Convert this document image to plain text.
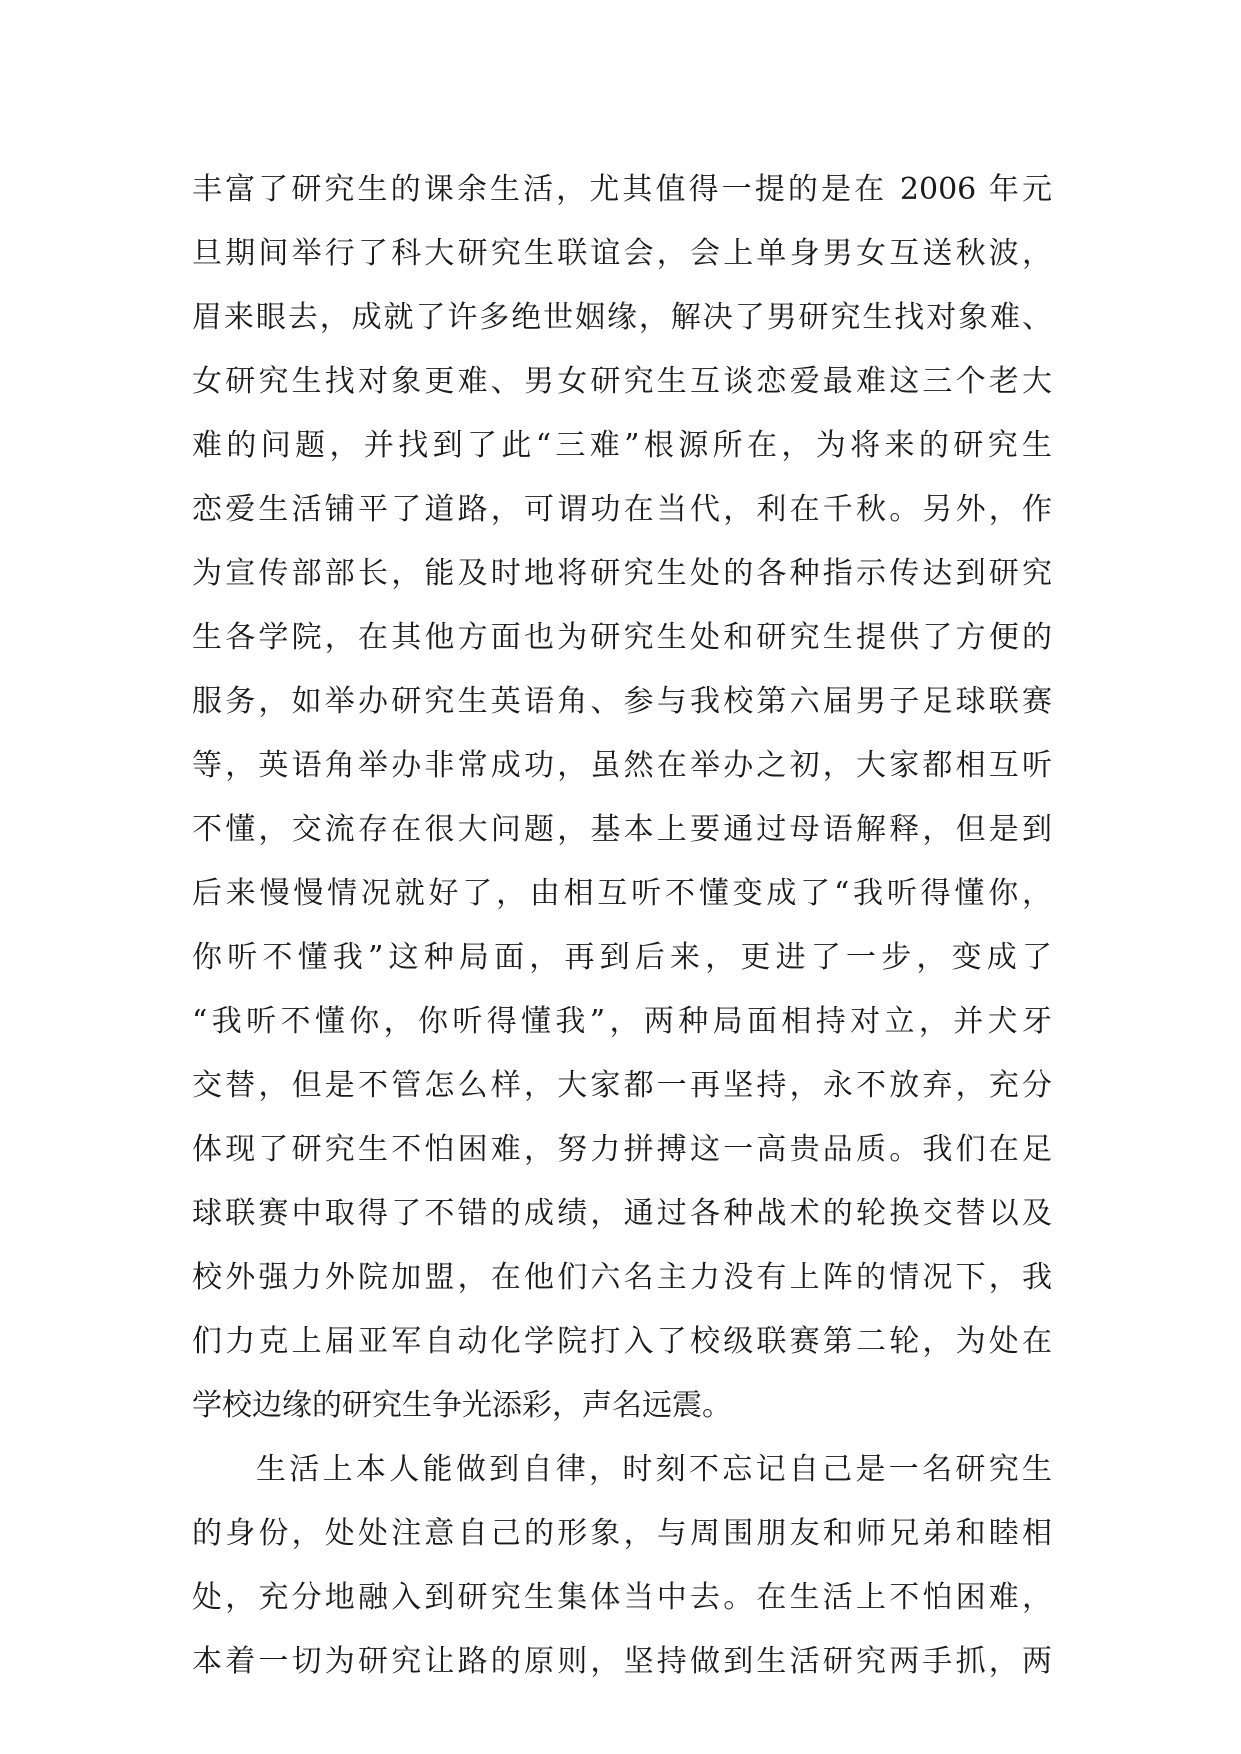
丰富了研究生的课余生活，尤其值得一提的是在 2006 年元
旦期间举行了科大研究生联谊会，会上单身男女互送秋波，
眉来眼去，成就了许多绝世姻缘，解决了男研究生找对象难、
女研究生找对象更难、男女研究生互谈恋爱最难这三个老大
难的问题，并找到了此“三难”根源所在，为将来的研究生
恋爱生活铺平了道路，可谓功在当代，利在千秋。另外，作
为宣传部部长，能及时地将研究生处的各种指示传达到研究
生各学院，在其他方面也为研究生处和研究生提供了方便的
服务，如举办研究生英语角、参与我校第六届男子足球联赛
等，英语角举办非常成功，虽然在举办之初，大家都相互听
不懂，交流存在很大问题，基本上要通过母语解释，但是到
后来慢慢情况就好了，由相互听不懂变成了“我听得懂你，
你听不懂我”这种局面，再到后来，更进了一步，变成了
“我听不懂你，你听得懂我”，两种局面相持对立，并犬牙
交替，但是不管怎么样，大家都一再坚持，永不放弃，充分
体现了研究生不怕困难，努力拼搏这一高贵品质。我们在足
球联赛中取得了不错的成绩，通过各种战术的轮换交替以及
校外强力外院加盟，在他们六名主力没有上阵的情况下，我
们力克上届亚军自动化学院打入了校级联赛第二轮，为处在
学校边缘的研究生争光添彩，声名远震。
生活上本人能做到自律，时刻不忘记自己是一名研究生
的身份，处处注意自己的形象，与周围朋友和师兄弟和睦相
处，充分地融入到研究生集体当中去。在生活上不怕困难，
本着一切为研究让路的原则，坚持做到生活研究两手抓，两
